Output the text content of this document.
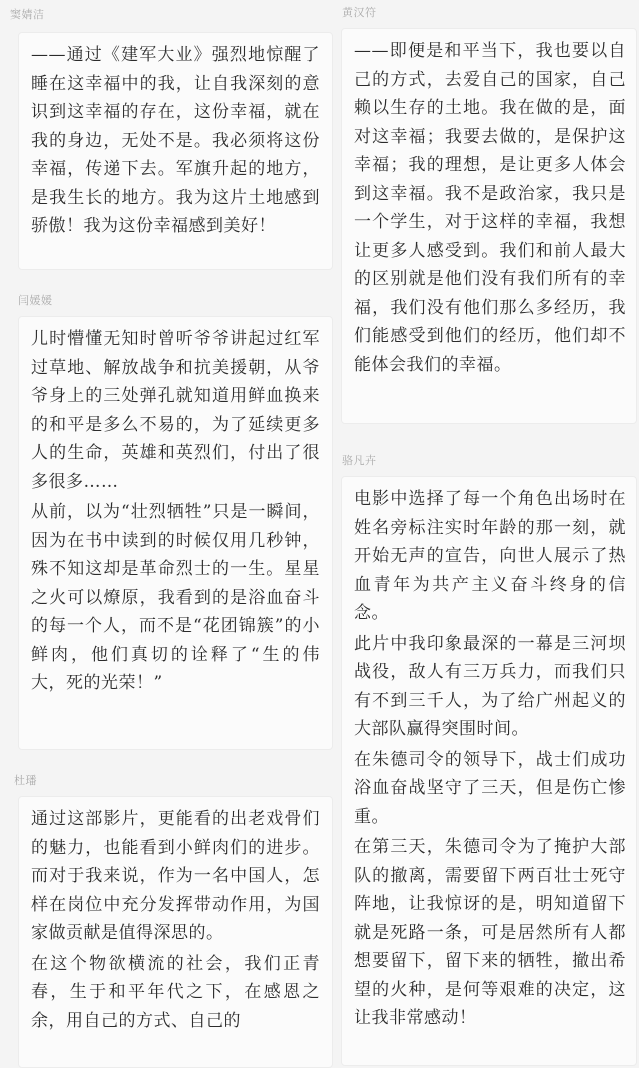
窦婧洁

——通过《建军大业》强烈地惊醒了睡在这幸福中的我，让自我深刻的意识到这幸福的存在，这份幸福，就在我的身边，无处不是。我必须将这份幸福，传递下去。军旗升起的地方，是我生长的地方。我为这片土地感到骄傲！我为这份幸福感到美好！

闫媛媛

儿时懵懂无知时曾听爷爷讲起过红军过草地、解放战争和抗美援朝，从爷爷身上的三处弹孔就知道用鲜血换来的和平是多么不易的，为了延续更多人的生命，英雄和英烈们，付出了很多很多……

从前，以为“壮烈牺牲”只是一瞬间，因为在书中读到的时候仅用几秒钟，殊不知这却是革命烈士的一生。星星之火可以燎原，我看到的是浴血奋斗的每一个人，而不是“花团锦簇”的小鲜肉，他们真切的诠释了“生的伟大，死的光荣！”

杜璠

通过这部影片，更能看的出老戏骨们的魅力，也能看到小鲜肉们的进步。而对于我来说，作为一名中国人，怎样在岗位中充分发挥带动作用，为国家做贡献是值得深思的。

在这个物欲横流的社会，我们正青春，生于和平年代之下，在感恩之余，用自己的方式、自己的

黄汉符

——即便是和平当下，我也要以自己的方式，去爱自己的国家，自己赖以生存的土地。我在做的是，面对这幸福；我要去做的，是保护这幸福；我的理想，是让更多人体会到这幸福。我不是政治家，我只是一个学生，对于这样的幸福，我想让更多人感受到。我们和前人最大的区别就是他们没有我们所有的幸福，我们没有他们那么多经历，我们能感受到他们的经历，他们却不能体会我们的幸福。

骆凡卉

电影中选择了每一个角色出场时在姓名旁标注实时年龄的那一刻，就开始无声的宣告，向世人展示了热血青年为共产主义奋斗终身的信念。

此片中我印象最深的一幕是三河坝战役，敌人有三万兵力，而我们只有不到三千人，为了给广州起义的大部队赢得突围时间。

在朱德司令的领导下，战士们成功浴血奋战坚守了三天，但是伤亡惨重。

在第三天，朱德司令为了掩护大部队的撤离，需要留下两百壮士死守阵地，让我惊讶的是，明知道留下就是死路一条，可是居然所有人都想要留下，留下来的牺牲，撤出希望的火种，是何等艰难的决定，这让我非常感动！
